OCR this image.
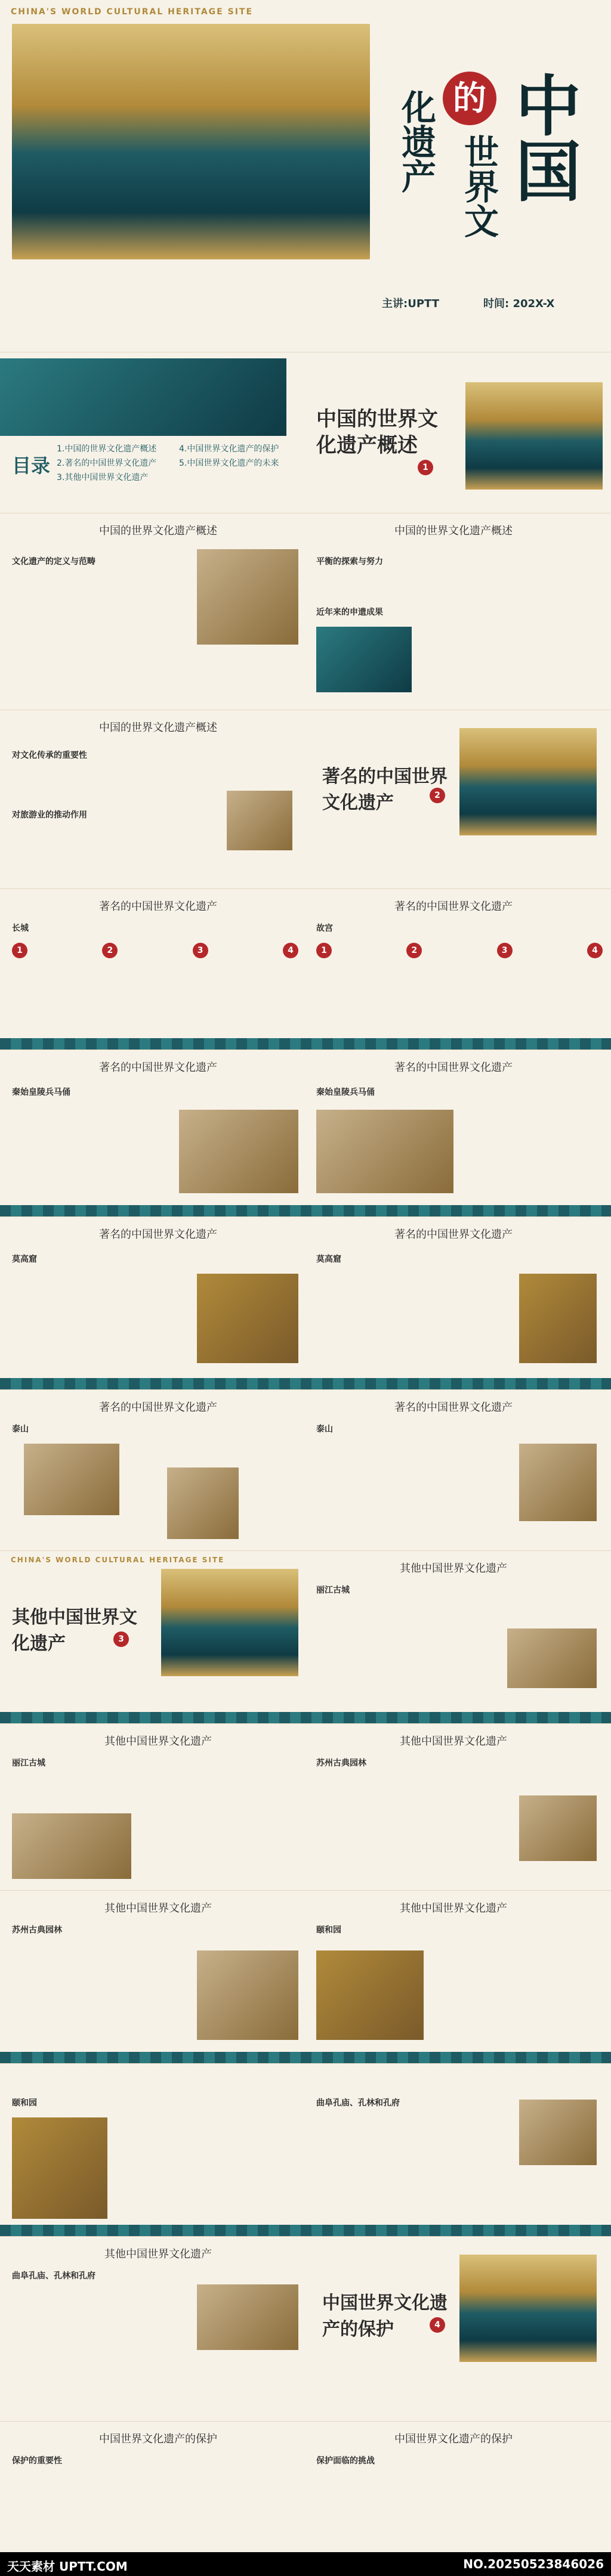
CHINA'S WORLD CULTURAL HERITAGE SITE
中国
的
世界文
化遗产
主讲:UPTT	时间: 202X-X
目录
1.中国的世界文化遗产概述
2.著名的中国世界文化遗产
3.其他中国世界文化遗产
4.中国世界文化遗产的保护
5.中国世界文化遗产的未来
中国的世界文化遗产概述
1
中国的世界文化遗产概述	中国的世界文化遗产概述
文化遗产的定义与范畴	平衡的探索与努力
近年来的申遗成果
中国的世界文化遗产概述
对文化传承的重要性
对旅游业的推动作用
著名的中国世界文化遗产	2
著名的中国世界文化遗产	著名的中国世界文化遗产
长城	故宫
1	2	3	4	1	2	3	4
著名的中国世界文化遗产	著名的中国世界文化遗产
秦始皇陵兵马俑	秦始皇陵兵马俑
著名的中国世界文化遗产	著名的中国世界文化遗产
莫高窟	莫高窟
著名的中国世界文化遗产	著名的中国世界文化遗产
泰山	泰山
CHINA'S WORLD CULTURAL HERITAGE SITE
其他中国世界文化遗产	3
其他中国世界文化遗产
丽江古城
其他中国世界文化遗产	其他中国世界文化遗产
丽江古城	苏州古典园林
其他中国世界文化遗产	其他中国世界文化遗产
苏州古典园林	颐和园
颐和园	曲阜孔庙、孔林和孔府
其他中国世界文化遗产
曲阜孔庙、孔林和孔府
中国世界文化遗产的保护	4
中国世界文化遗产的保护	中国世界文化遗产的保护
保护的重要性	保护面临的挑战
天天素材 UPTT.COM	NO.20250523846026
